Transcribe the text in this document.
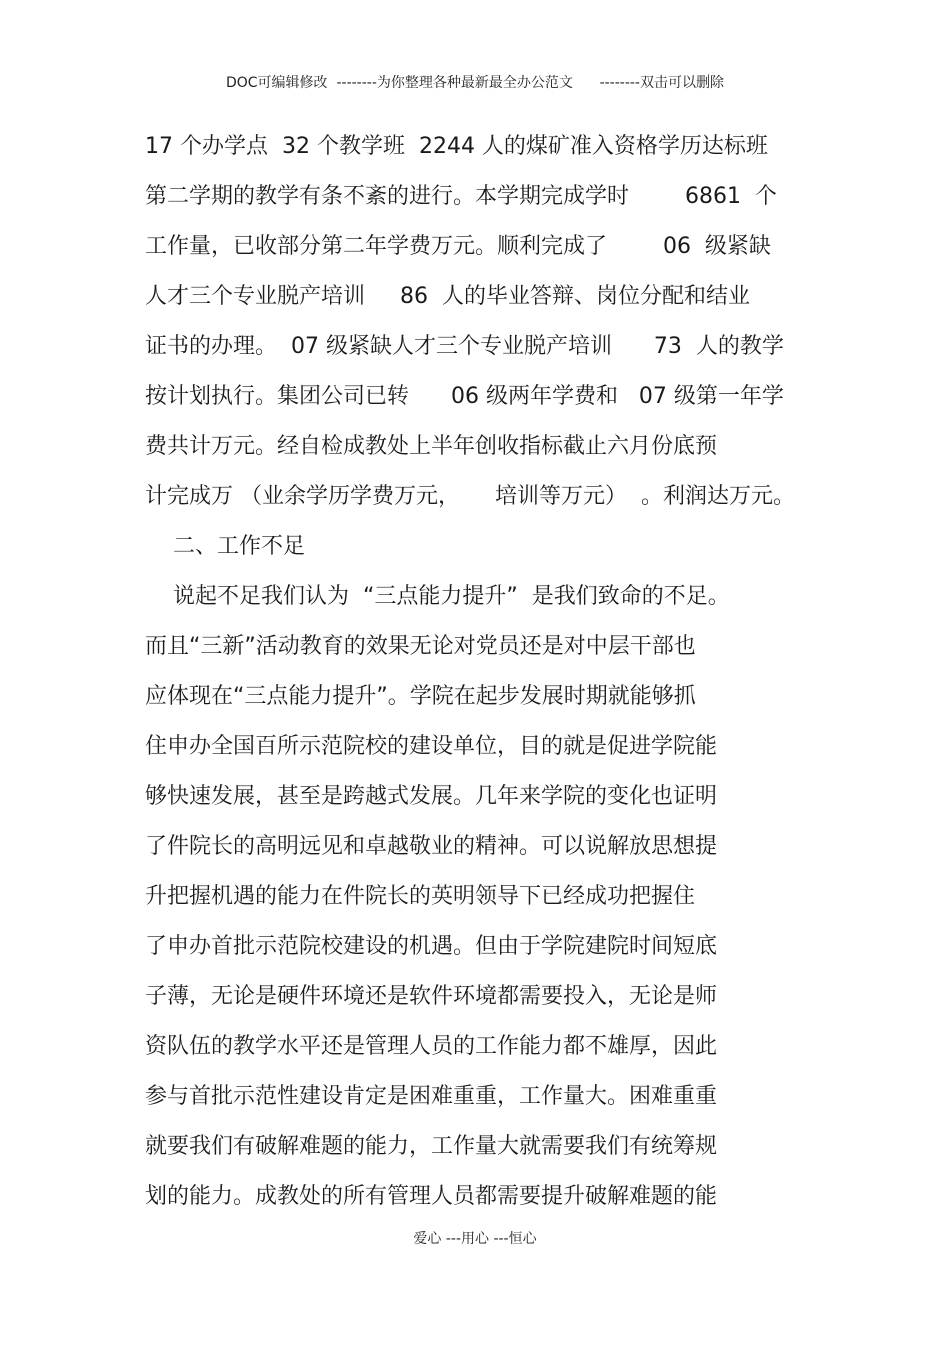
DOC可编辑修改  --------为你整理各种最新最全办公范文      --------双击可以删除
17 个办学点  32 个教学班  2244 人的煤矿准入资格学历达标班
第二学期的教学有条不紊的进行。本学期完成学时        6861  个
工作量，已收部分第二年学费万元。顺利完成了        06  级紧缺
人才三个专业脱产培训     86  人的毕业答辩、岗位分配和结业
证书的办理。  07 级紧缺人才三个专业脱产培训      73  人的教学
按计划执行。集团公司已转      06 级两年学费和   07 级第一年学
费共计万元。经自检成教处上半年创收指标截止六月份底预
计完成万 （业余学历学费万元，     培训等万元）  。利润达万元。
二、工作不足
说起不足我们认为  “三点能力提升”  是我们致命的不足。
而且“三新”活动教育的效果无论对党员还是对中层干部也
应体现在“三点能力提升”。学院在起步发展时期就能够抓
住申办全国百所示范院校的建设单位，目的就是促进学院能
够快速发展，甚至是跨越式发展。几年来学院的变化也证明
了件院长的高明远见和卓越敬业的精神。可以说解放思想提
升把握机遇的能力在件院长的英明领导下已经成功把握住
了申办首批示范院校建设的机遇。但由于学院建院时间短底
子薄，无论是硬件环境还是软件环境都需要投入，无论是师
资队伍的教学水平还是管理人员的工作能力都不雄厚，因此
参与首批示范性建设肯定是困难重重，工作量大。困难重重
就要我们有破解难题的能力，工作量大就需要我们有统筹规
划的能力。成教处的所有管理人员都需要提升破解难题的能
爱心 ---用心 ---恒心
